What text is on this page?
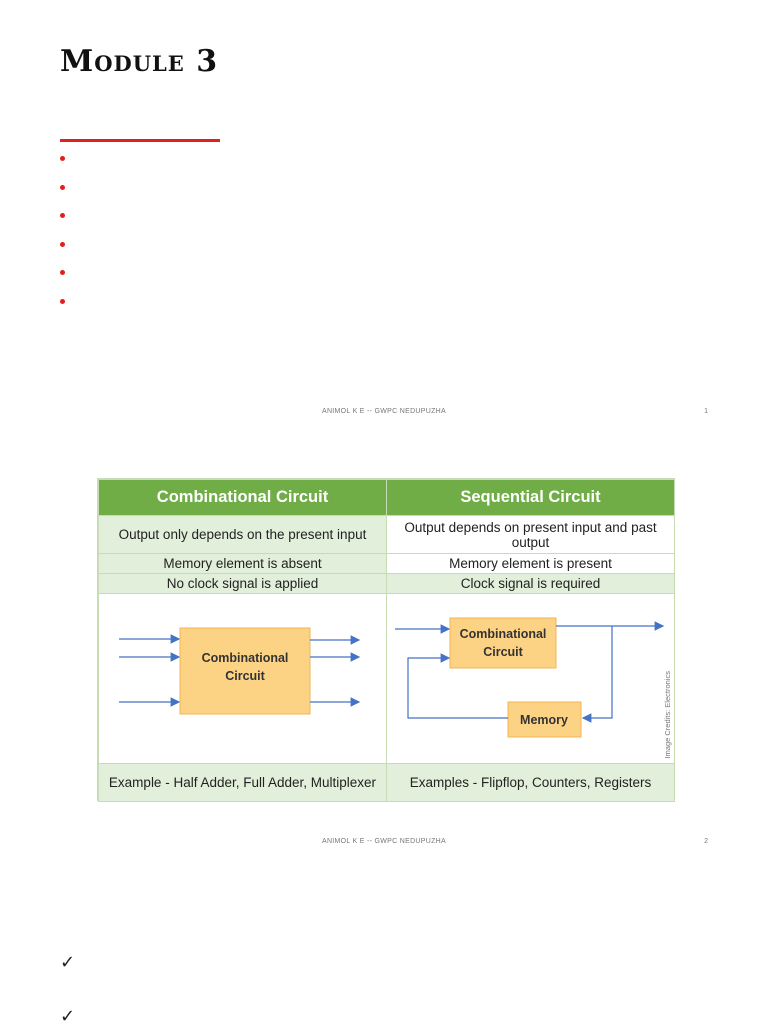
Module 3
ANIMOL K E -- GWPC NEDUPUZHA	1
Combinational Circuit	Sequential Circuit
Output only depends on the present input	Output depends on present input and past output
Memory element is absent	Memory element is present
No clock signal is applied	Clock signal is required

Combinational
Circuit	Combinational
Circuit
Memory Image Credits: Electronics

Example - Half Adder, Full Adder, Multiplexer	Examples - Flipflop, Counters, Registers
ANIMOL K E -- GWPC NEDUPUZHA	2
✓
✓
